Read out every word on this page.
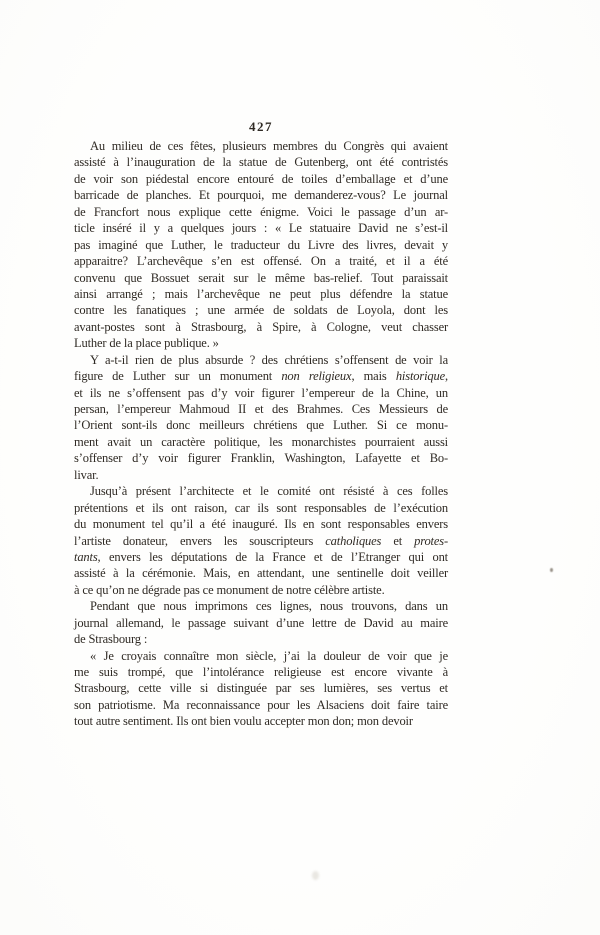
427
Au milieu de ces fêtes, plusieurs membres du Congrès qui avaient
assisté à l’inauguration de la statue de Gutenberg, ont été contristés
de voir son piédestal encore entouré de toiles d’emballage et d’une
barricade de planches. Et pourquoi, me demanderez-vous? Le journal
de Francfort nous explique cette énigme. Voici le passage d’un ar-
ticle inséré il y a quelques jours : « Le statuaire David ne s’est-il
pas imaginé que Luther, le traducteur du Livre des livres, devait y
apparaitre? L’archevêque s’en est offensé. On a traité, et il a été
convenu que Bossuet serait sur le même bas-relief. Tout paraissait
ainsi arrangé ; mais l’archevêque ne peut plus défendre la statue
contre les fanatiques ; une armée de soldats de Loyola, dont les
avant-postes sont à Strasbourg, à Spire, à Cologne, veut chasser
Luther de la place publique. »
Y a-t-il rien de plus absurde ? des chrétiens s’offensent de voir la
figure de Luther sur un monument non religieux, mais historique,
et ils ne s’offensent pas d’y voir figurer l’empereur de la Chine, un
persan, l’empereur Mahmoud II et des Brahmes. Ces Messieurs de
l’Orient sont-ils donc meilleurs chrétiens que Luther. Si ce monu-
ment avait un caractère politique, les monarchistes pourraient aussi
s’offenser d’y voir figurer Franklin, Washington, Lafayette et Bo-
livar.
Jusqu’à présent l’architecte et le comité ont résisté à ces folles
prétentions et ils ont raison, car ils sont responsables de l’exécution
du monument tel qu’il a été inauguré. Ils en sont responsables envers
l’artiste donateur, envers les souscripteurs catholiques et protes-
tants, envers les députations de la France et de l’Etranger qui ont
assisté à la cérémonie. Mais, en attendant, une sentinelle doit veiller
à ce qu’on ne dégrade pas ce monument de notre célèbre artiste.
Pendant que nous imprimons ces lignes, nous trouvons, dans un
journal allemand, le passage suivant d’une lettre de David au maire
de Strasbourg :
« Je croyais connaître mon siècle, j’ai la douleur de voir que je
me suis trompé, que l’intolérance religieuse est encore vivante à
Strasbourg, cette ville si distinguée par ses lumières, ses vertus et
son patriotisme. Ma reconnaissance pour les Alsaciens doit faire taire
tout autre sentiment. Ils ont bien voulu accepter mon don; mon devoir
